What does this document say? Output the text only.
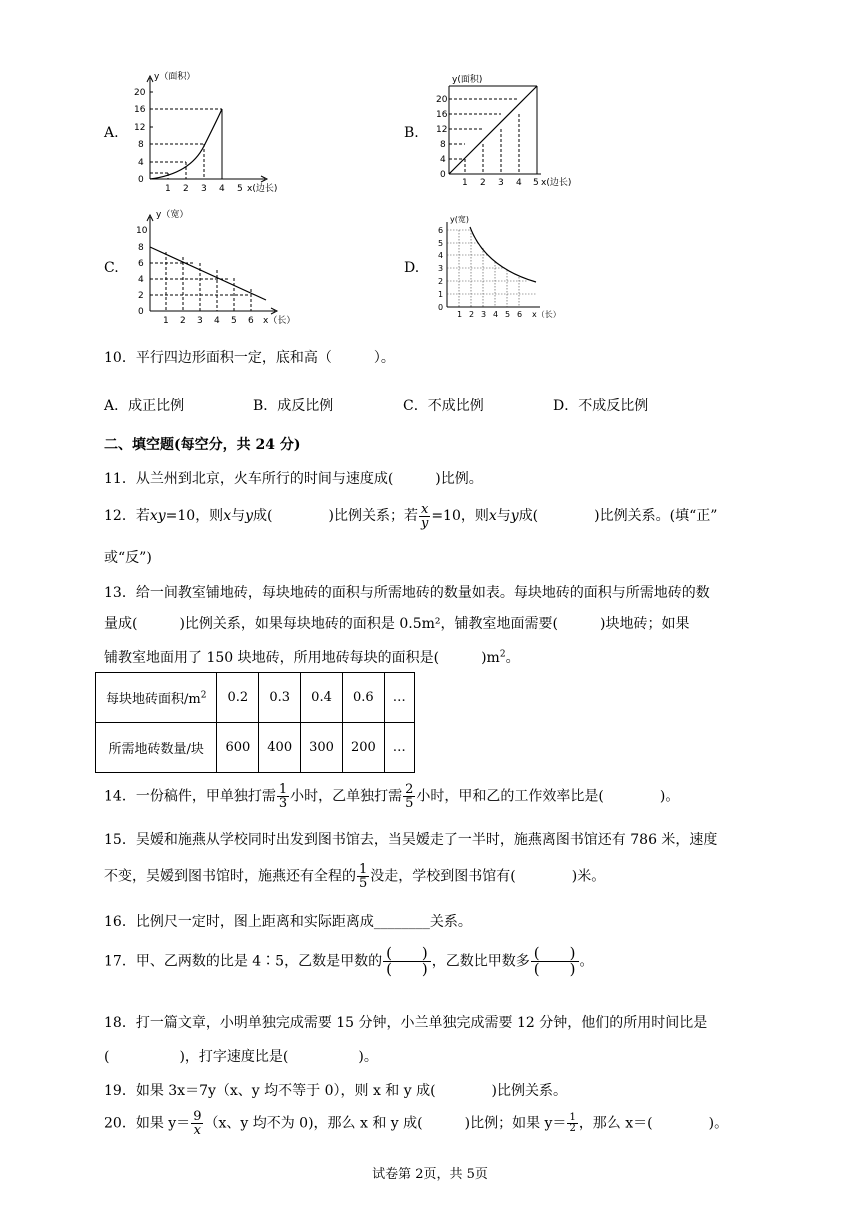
A.
y（面积）
20
16
12
8
4
0
1 2 3 4 5 x(边长)
B.
y(面积)
20
16
12
8
4
0
1 2 3 4 5 x(边长)
C.
y（宽）
10
8
6
4
2
0
1 2 3 4 5 6 x（长）
D.
y(宽)
6
5
4
3
2
1
0
1 2 3 4 5 6 x（长）
10．平行四边形面积一定，底和高（　　　）。
A．成正比例	B．成反比例	C．不成比例	D．不成反比例
二、填空题(每空分，共 24 分)
11．从兰州到北京，火车所行的时间与速度成(　　　)比例。
12．若xy=10，则x与y成(　　　　)比例关系；若 $\frac{x}{y} =10$，则x与y成(　　　　)比例关系。(填“正”
或“反”)
13．给一间教室铺地砖，每块地砖的面积与所需地砖的数量如表。每块地砖的面积与所需地砖的数
量成(　　　)比例关系，如果每块地砖的面积是 0.5m²，铺教室地面需要(　　　)块地砖；如果
铺教室地面用了 150 块地砖，所用地砖每块的面积是(　　　)$m^2$。
每块地砖面积$/m^2$	0.2	0.3	0.4	0.6	…
所需地砖数量/块	600	400	300	200	…
14．一份稿件，甲单独打需 $\frac{1}{3}$ 小时，乙单独打需 $\frac{2}{5}$ 小时，甲和乙的工作效率比是(　　　　)。
15．吴嫒和施燕从学校同时出发到图书馆去，当吴嫒走了一半时，施燕离图书馆还有 786 米，速度
不变，吴嫒到图书馆时，施燕还有全程的 $\frac{1}{5}$ 没走，学校到图书馆有(　　　　)米。
16．比例尺一定时，图上距离和实际距离成________关系。
17．甲、乙两数的比是 4∶5，乙数是甲数的 $\frac{( )}{( )}$ ，乙数比甲数多 $\frac{( )}{( )}$ 。
18．打一篇文章，小明单独完成需要 15 分钟，小兰单独完成需要 12 分钟，他们的所用时间比是
(　　　　　)，打字速度比是(　　　　　)。
19．如果 3x＝7y（x、y 均不等于 0），则 x 和 y 成(　　　　)比例关系。
20．如果 $y= \frac{9}{x} (x$、y 均不为 0)，那么 x 和 y 成(　　　)比例；如果 $y= \frac{1}{2}$ ，那么 x＝(　　　　)。
试卷第 2页，共 5页
